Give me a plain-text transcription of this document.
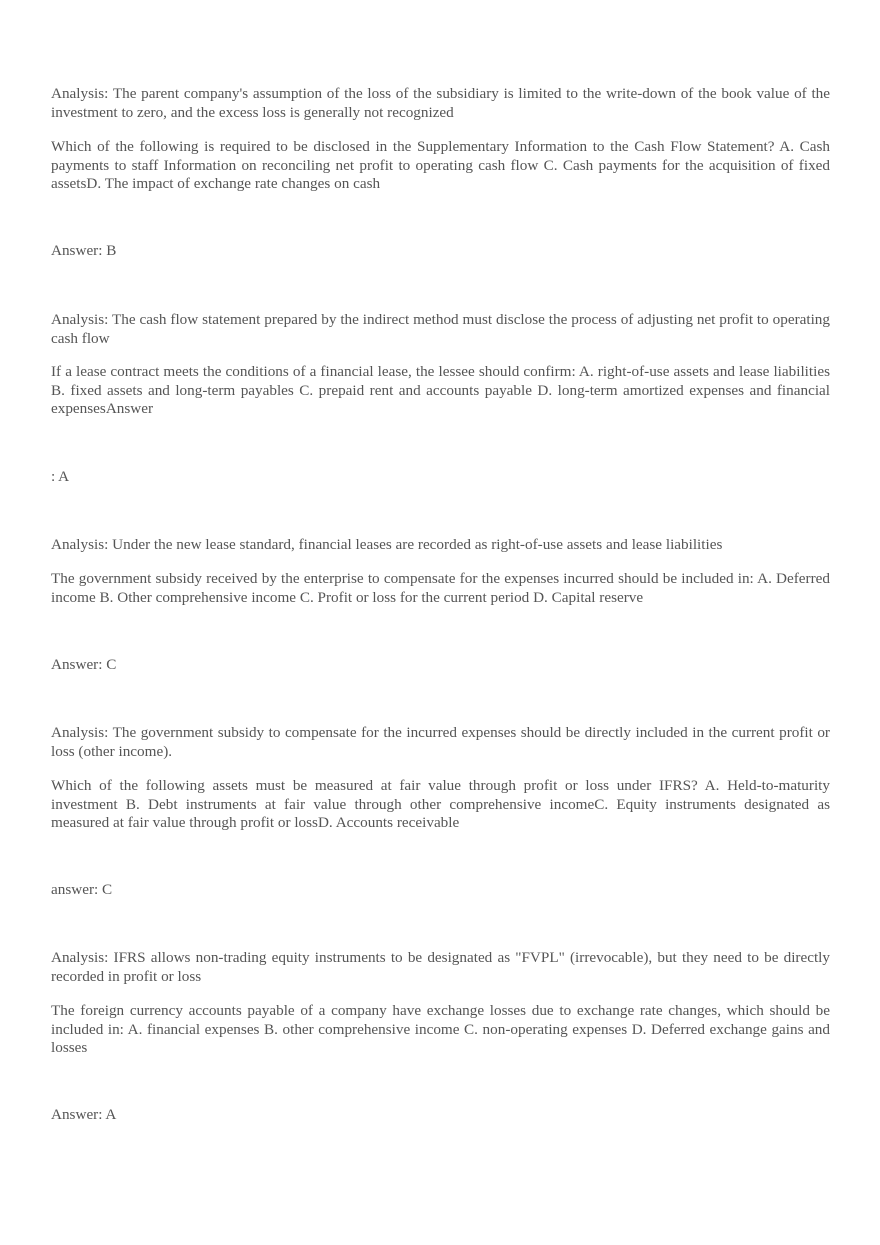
Analysis: The parent company's assumption of the loss of the subsidiary is limited to the write-down of the book value of the investment to zero, and the excess loss is generally not recognized

Which of the following is required to be disclosed in the Supplementary Information to the Cash Flow Statement? A. Cash payments to staff Information on reconciling net profit to operating cash flow C. Cash payments for the acquisition of fixed assetsD. The impact of exchange rate changes on cash

Answer: B

Analysis: The cash flow statement prepared by the indirect method must disclose the process of adjusting net profit to operating cash flow

If a lease contract meets the conditions of a financial lease, the lessee should confirm: A. right-of-use assets and lease liabilities B. fixed assets and long-term payables C. prepaid rent and accounts payable D. long-term amortized expenses and financial expensesAnswer

: A

Analysis: Under the new lease standard, financial leases are recorded as right-of-use assets and lease liabilities

The government subsidy received by the enterprise to compensate for the expenses incurred should be included in: A. Deferred income B. Other comprehensive income C. Profit or loss for the current period D. Capital reserve

Answer: C

Analysis: The government subsidy to compensate for the incurred expenses should be directly included in the current profit or loss (other income).

Which of the following assets must be measured at fair value through profit or loss under IFRS? A. Held-to-maturity investment B. Debt instruments at fair value through other comprehensive incomeC. Equity instruments designated as measured at fair value through profit or lossD. Accounts receivable

answer: C

Analysis: IFRS allows non-trading equity instruments to be designated as "FVPL" (irrevocable), but they need to be directly recorded in profit or loss

The foreign currency accounts payable of a company have exchange losses due to exchange rate changes, which should be included in: A. financial expenses B. other comprehensive income C. non-operating expenses D. Deferred exchange gains and losses

Answer: A
